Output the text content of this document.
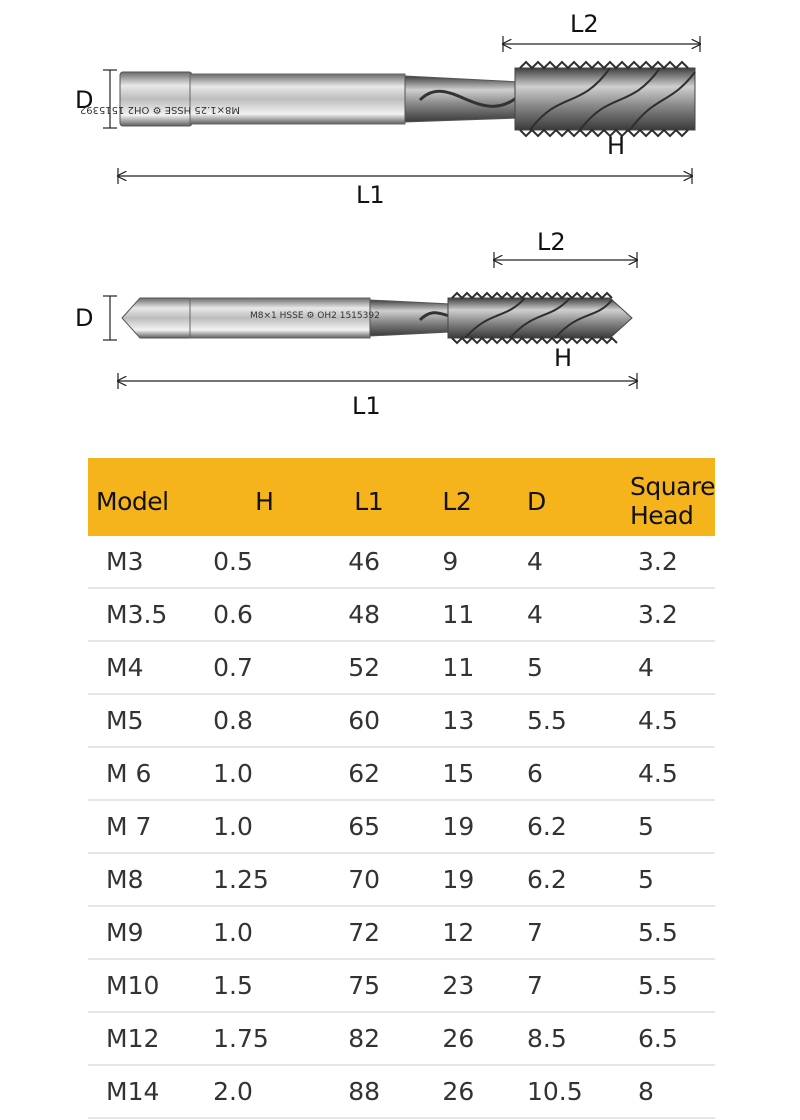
M8×1.25 HSSE ⚙ OH2 1515392
M8×1 HSSE ⚙ OH2 1515392
D
L2
H
L1
D
L2
H
L1
Model	H	L1	L2	D	Square Head
M3	0.5	46	9	4	3.2
M3.5	0.6	48	11	4	3.2
M4	0.7	52	11	5	4
M5	0.8	60	13	5.5	4.5
M 6	1.0	62	15	6	4.5
M 7	1.0	65	19	6.2	5
M8	1.25	70	19	6.2	5
M9	1.0	72	12	7	5.5
M10	1.5	75	23	7	5.5
M12	1.75	82	26	8.5	6.5
M14	2.0	88	26	10.5	8
